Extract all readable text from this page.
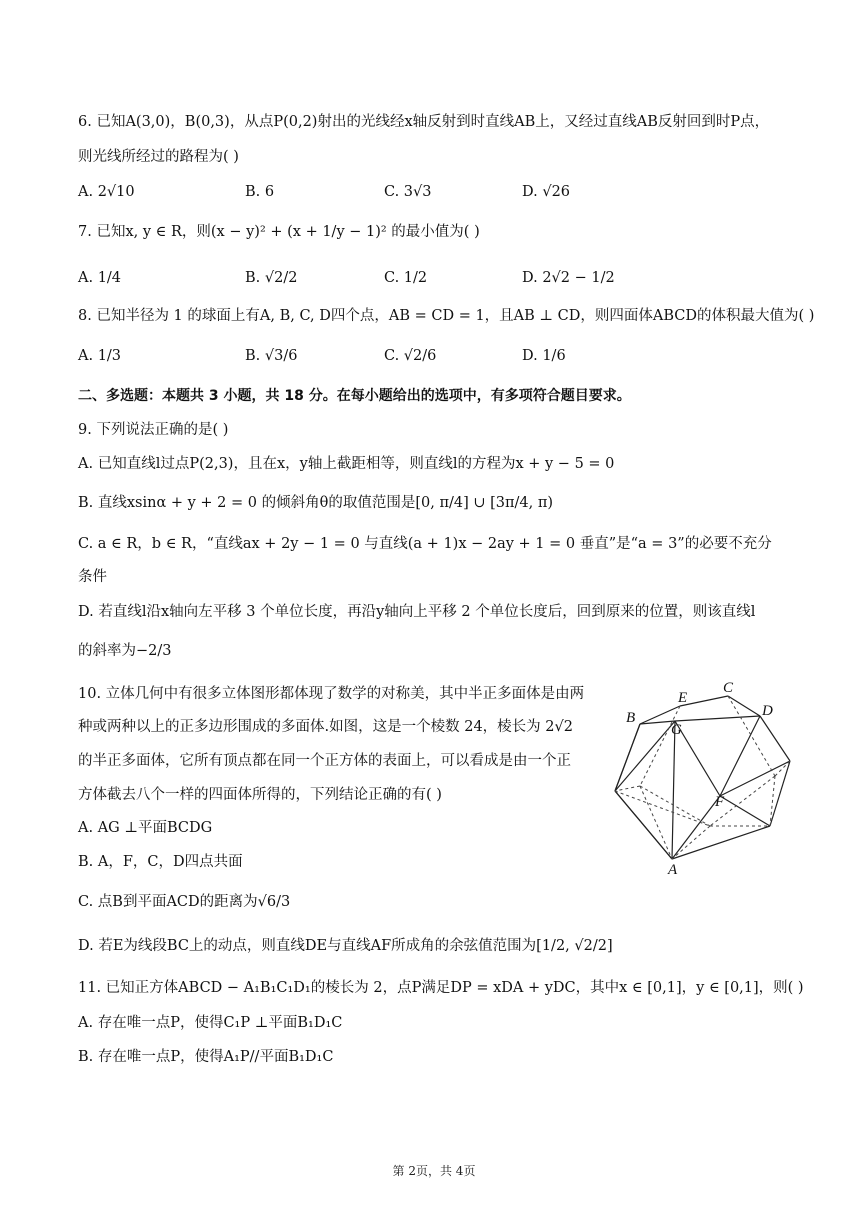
6. 已知A(3,0)，B(0,3)，从点P(0,2)射出的光线经x轴反射到时直线AB上，又经过直线AB反射回到时P点，
则光线所经过的路程为( )
A. 2√10	B. 6	C. 3√3	D. √26
7. 已知x, y ∈ R，则(x − y)² + (x + 1/y − 1)² 的最小值为( )
A. 1/4	B. √2/2	C. 1/2	D. 2√2 − 1/2
8. 已知半径为 1 的球面上有A, B, C, D四个点，AB = CD = 1，且AB ⊥ CD，则四面体ABCD的体积最大值为( )
A. 1/3	B. √3/6	C. √2/6	D. 1/6
二、多选题：本题共 3 小题，共 18 分。在每小题给出的选项中，有多项符合题目要求。
9. 下列说法正确的是( )
A. 已知直线l过点P(2,3)，且在x，y轴上截距相等，则直线l的方程为x + y − 5 = 0
B. 直线xsinα + y + 2 = 0 的倾斜角θ的取值范围是[0, π/4] ∪ [3π/4, π)
C. a ∈ R，b ∈ R，“直线ax + 2y − 1 = 0 与直线(a + 1)x − 2ay + 1 = 0 垂直”是“a = 3”的必要不充分
条件
D. 若直线l沿x轴向左平移 3 个单位长度，再沿y轴向上平移 2 个单位长度后，回到原来的位置，则该直线l
的斜率为−2/3
10. 立体几何中有很多立体图形都体现了数学的对称美，其中半正多面体是由两
种或两种以上的正多边形围成的多面体.如图，这是一个棱数 24，棱长为 2√2
的半正多面体，它所有顶点都在同一个正方体的表面上，可以看成是由一个正
方体截去八个一样的四面体所得的，下列结论正确的有( )
A. AG ⊥平面BCDG
B. A，F，C，D四点共面
C. 点B到平面ACD的距离为√6/3
D. 若E为线段BC上的动点，则直线DE与直线AF所成角的余弦值范围为[1/2, √2/2]
E
C
B
G
D
F
A
11. 已知正方体ABCD − A₁B₁C₁D₁的棱长为 2，点P满足DP = xDA + yDC，其中x ∈ [0,1]，y ∈ [0,1]，则( )
A. 存在唯一点P，使得C₁P ⊥平面B₁D₁C
B. 存在唯一点P，使得A₁P//平面B₁D₁C
第 2页，共 4页
